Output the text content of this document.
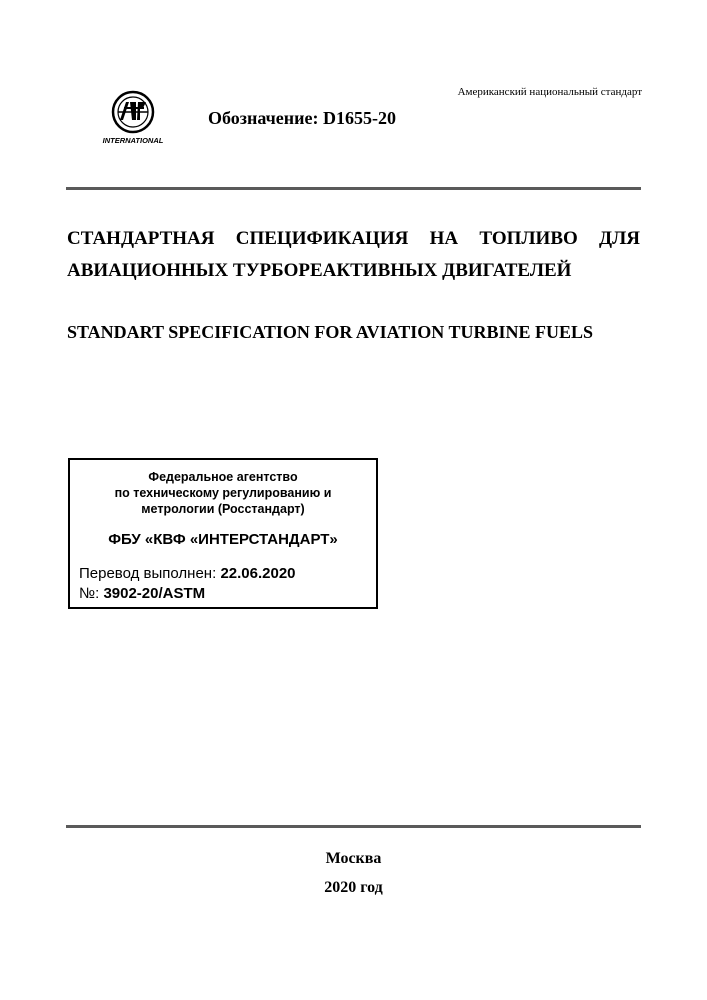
Американский национальный стандарт
INTERNATIONAL
Обозначение: D1655-20
СТАНДАРТНАЯ СПЕЦИФИКАЦИЯ НА ТОПЛИВО ДЛЯ
АВИАЦИОННЫХ ТУРБОРЕАКТИВНЫХ ДВИГАТЕЛЕЙ
STANDART SPECIFICATION FOR AVIATION TURBINE FUELS
Федеральное агентство
по техническому регулированию и
метрологии (Росстандарт)
ФБУ «КВФ «ИНТЕРСТАНДАРТ»
Перевод выполнен: 22.06.2020
№: 3902-20/ASTM
Москва
2020 год
